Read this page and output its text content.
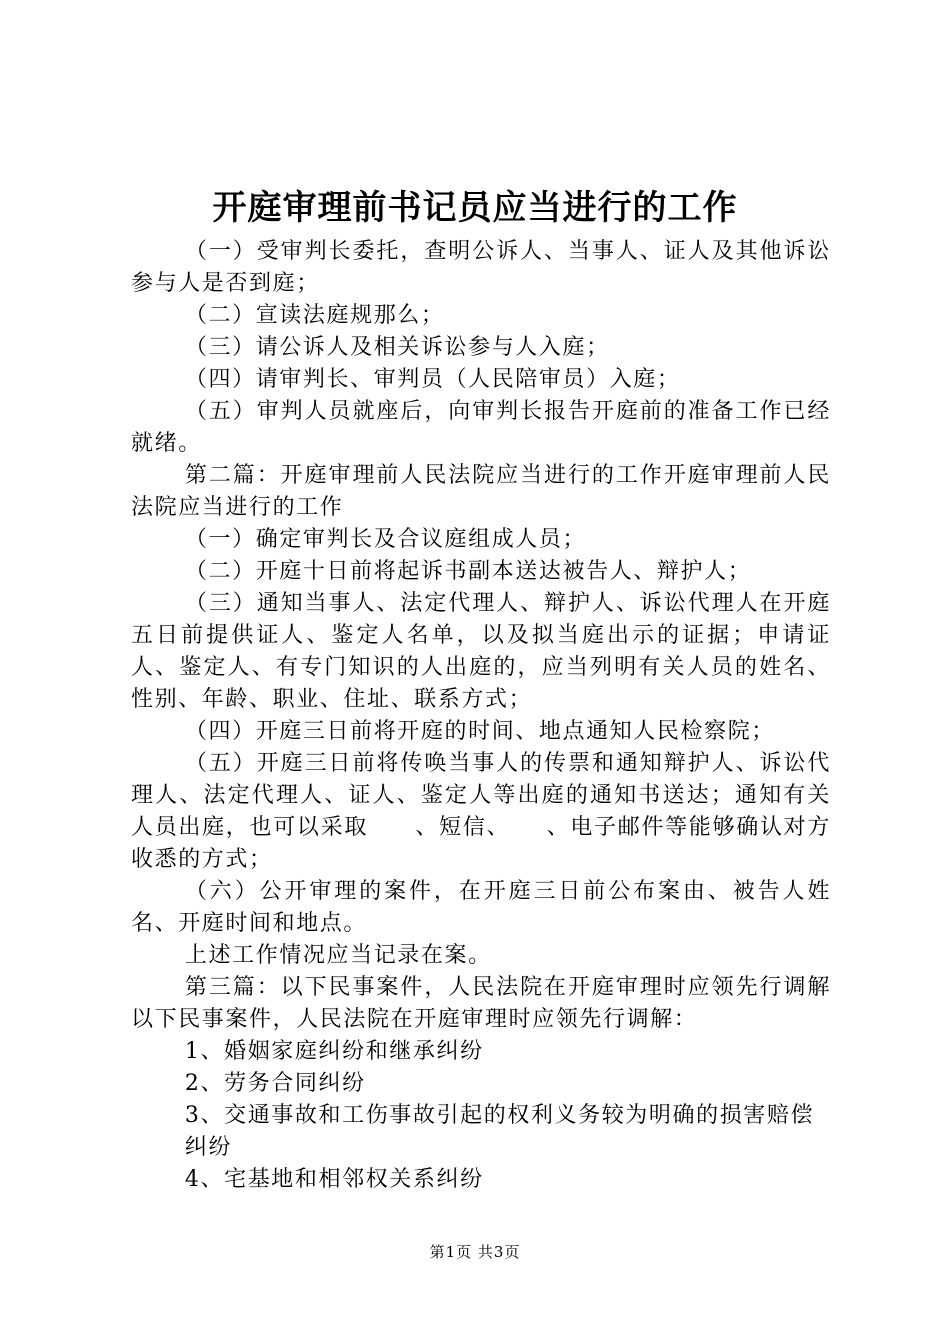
开庭审理前书记员应当进行的工作

（一）受审判长委托，查明公诉人、当事人、证人及其他诉讼参与人是否到庭；

（二）宣读法庭规那么；

（三）请公诉人及相关诉讼参与人入庭；

（四）请审判长、审判员（人民陪审员）入庭；

（五）审判人员就座后，向审判长报告开庭前的准备工作已经就绪。

第二篇：开庭审理前人民法院应当进行的工作开庭审理前人民法院应当进行的工作

（一）确定审判长及合议庭组成人员；

（二）开庭十日前将起诉书副本送达被告人、辩护人；

（三）通知当事人、法定代理人、辩护人、诉讼代理人在开庭五日前提供证人、鉴定人名单，以及拟当庭出示的证据；申请证人、鉴定人、有专门知识的人出庭的，应当列明有关人员的姓名、性别、年龄、职业、住址、联系方式；

（四）开庭三日前将开庭的时间、地点通知人民检察院；

（五）开庭三日前将传唤当事人的传票和通知辩护人、诉讼代理人、法定代理人、证人、鉴定人等出庭的通知书送达；通知有关人员出庭，也可以采取　　、短信、　　、电子邮件等能够确认对方收悉的方式；

（六）公开审理的案件，在开庭三日前公布案由、被告人姓名、开庭时间和地点。

上述工作情况应当记录在案。

第三篇：以下民事案件，人民法院在开庭审理时应领先行调解以下民事案件，人民法院在开庭审理时应领先行调解：

1、婚姻家庭纠纷和继承纠纷

2、劳务合同纠纷

3、交通事故和工伤事故引起的权利义务较为明确的损害赔偿

纠纷

4、宅基地和相邻权关系纠纷

第1页 共3页
